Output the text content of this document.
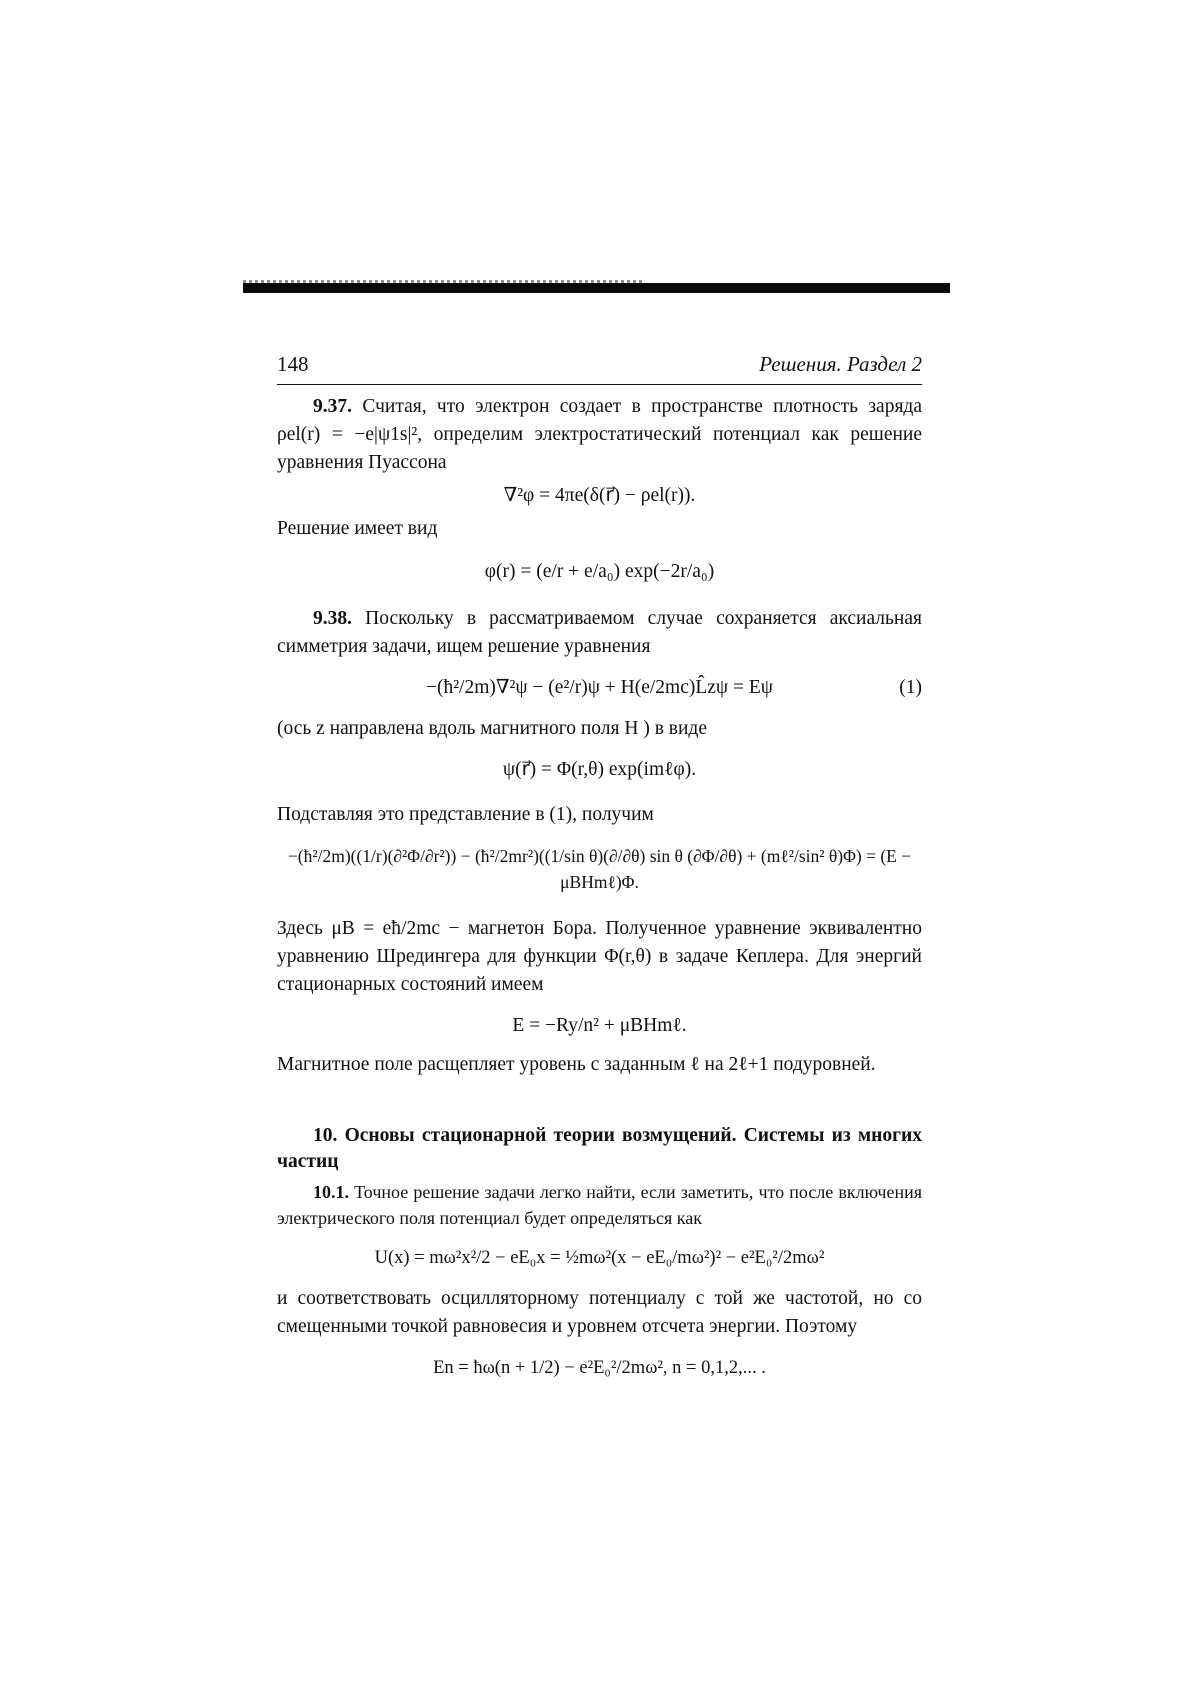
148	Решения. Раздел 2

9.37. Считая, что электрон создает в пространстве плотность заряда ρel(r) = −e|ψ1s|², определим электростатический потенциал как решение уравнения Пуассона

∇²φ = 4πe(δ(r⃗) − ρel(r)).

Решение имеет вид

φ(r) = (e/r + e/a₀) exp(−2r/a₀)

9.38. Поскольку в рассматриваемом случае сохраняется аксиальная симметрия задачи, ищем решение уравнения

−(ħ²/2m)∇²ψ − (e²/r)ψ + H(e/2mc)L̂zψ = Eψ	(1)

(ось z направлена вдоль магнитного поля H ) в виде

ψ(r⃗) = Φ(r,θ) exp(imℓφ).

Подставляя это представление в (1), получим

−(ħ²/2m)((1/r)(∂²Φ/∂r²)) − (ħ²/2mr²)((1/sin θ)(∂/∂θ) sin θ (∂Φ/∂θ) + (mℓ²/sin² θ)Φ) = (E − μBHmℓ)Φ.

Здесь μB = eħ/2mc − магнетон Бора. Полученное уравнение эквивалентно уравнению Шредингера для функции Φ(r,θ) в задаче Кеплера. Для энергий стационарных состояний имеем

E = −Ry/n² + μBHmℓ.

Магнитное поле расщепляет уровень с заданным ℓ на 2ℓ+1 подуровней.

10. Основы стационарной теории возмущений. Системы из многих частиц

10.1. Точное решение задачи легко найти, если заметить, что после включения электрического поля потенциал будет определяться как

U(x) = mω²x²/2 − eE₀x = ½mω²(x − eE₀/mω²)² − e²E₀²/2mω²

и соответствовать осцилляторному потенциалу с той же частотой, но со смещенными точкой равновесия и уровнем отсчета энергии. Поэтому

En = ħω(n + 1/2) − e²E₀²/2mω², n = 0,1,2,... .
